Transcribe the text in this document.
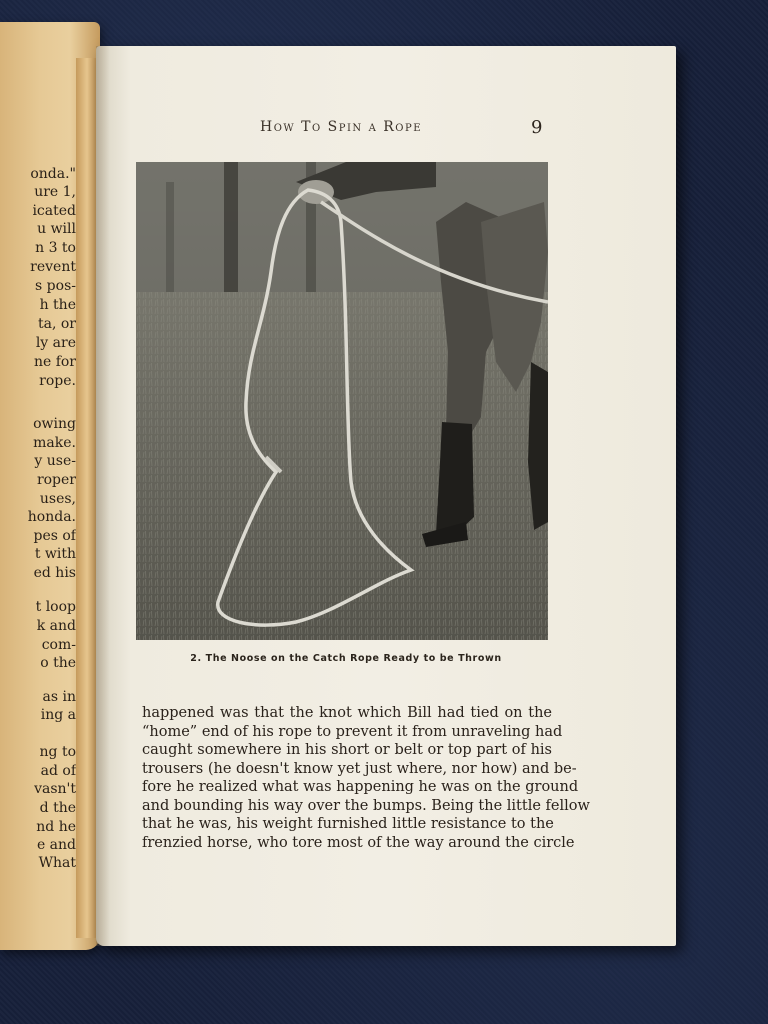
onda."
ure 1,
icated
u will
n 3 to
revent
s pos-
h the
ta, or
ly are
ne for
rope.
owing
make.
y use-
roper
uses,
honda.
pes of
t with
ed his
t loop
k and
com-
o the
as in
ing a
ng to
ad of
vasn't
d the
nd he
e and
What
How To Spin a Rope	9
2. The Noose on the Catch Rope Ready to be Thrown
happened was that the knot which Bill had tied on the
“home” end of his rope to prevent it from unraveling had
caught somewhere in his short or belt or top part of his
trousers (he doesn't know yet just where, nor how) and be-
fore he realized what was happening he was on the ground
and bounding his way over the bumps. Being the little fellow
that he was, his weight furnished little resistance to the
frenzied horse, who tore most of the way around the circle
